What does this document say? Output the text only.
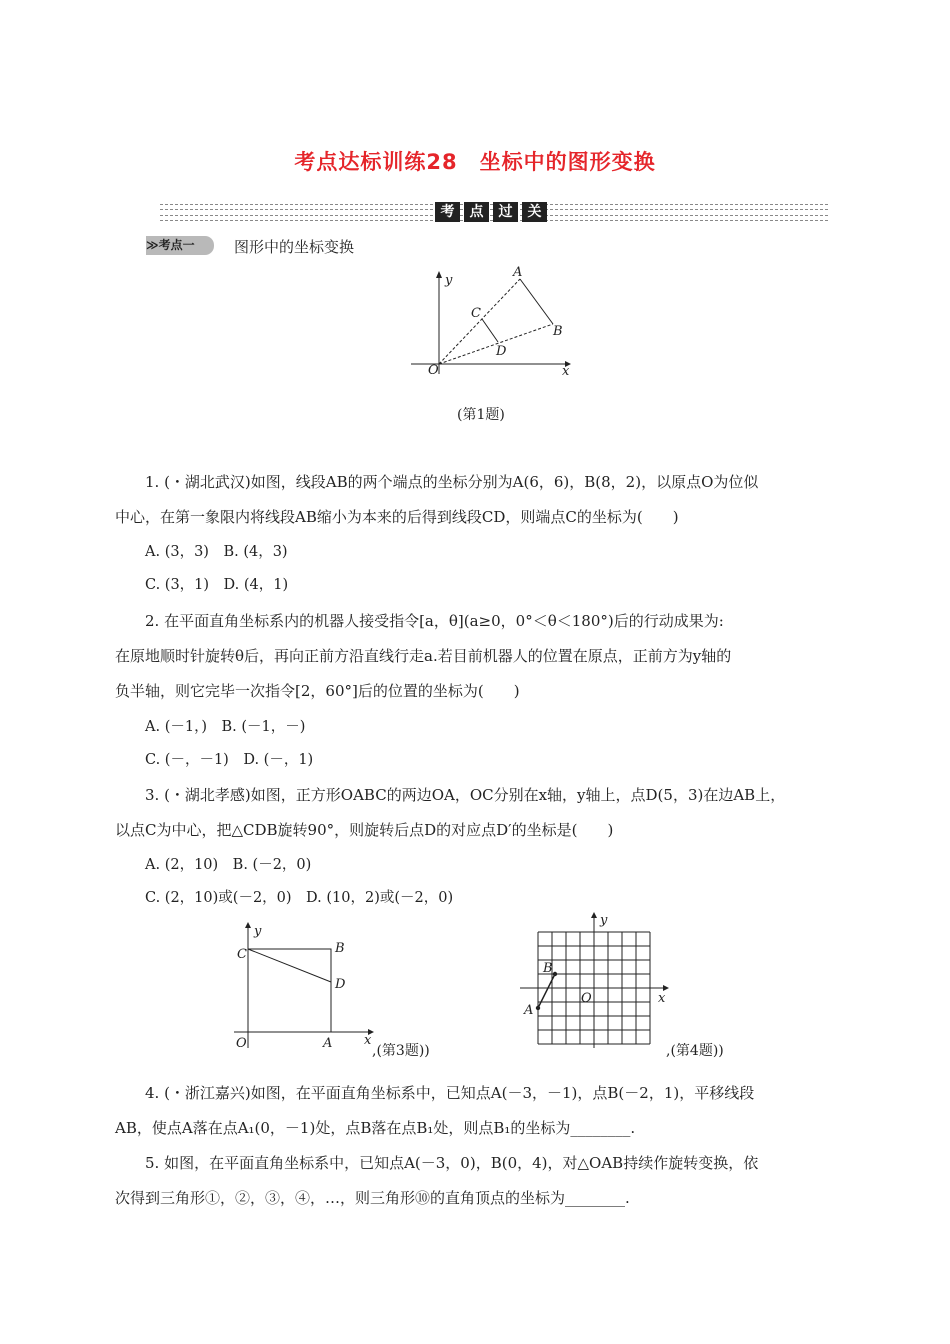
考点达标训练28　坐标中的图形变换
考	点	过	关
≫考点一	图形中的坐标变换
A
B
C
D
O	x
y
(第1题)
1. (・湖北武汉)如图，线段AB的两个端点的坐标分别为A(6，6)，B(8，2)，以原点O为位似
中心，在第一象限内将线段AB缩小为本来的后得到线段CD，则端点C的坐标为(　　)
A. (3，3)　B. (4，3)
C. (3，1)　D. (4，1)
2. 在平面直角坐标系内的机器人接受指令[a，θ](a≥0，0°＜θ＜180°)后的行动成果为:
在原地顺时针旋转θ后，再向正前方沿直线行走a.若目前机器人的位置在原点，正前方为y轴的
负半轴，则它完毕一次指令[2，60°]后的位置的坐标为(　　)
A. (－1，)　B. (－1，－)
C. (－，－1)　D. (－，1)
3. (・湖北孝感)如图，正方形OABC的两边OA，OC分别在x轴，y轴上，点D(5，3)在边AB上，
以点C为中心，把△CDB旋转90°，则旋转后点D的对应点D′的坐标是(　　)
A. (2，10)　B. (－2，0)
C. (2，10)或(－2，0)　D. (10，2)或(－2，0)
C	B
D
O	A x
y
,(第3题))
B
A
O	x
y
,(第4题))
4. (・浙江嘉兴)如图，在平面直角坐标系中，已知点A(－3，－1)，点B(－2，1)，平移线段
AB，使点A落在点A₁(0，－1)处，点B落在点B₁处，则点B₁的坐标为________.
5. 如图，在平面直角坐标系中，已知点A(－3，0)，B(0，4)，对△OAB持续作旋转变换，依
次得到三角形①，②，③，④，…，则三角形⑩的直角顶点的坐标为________.
